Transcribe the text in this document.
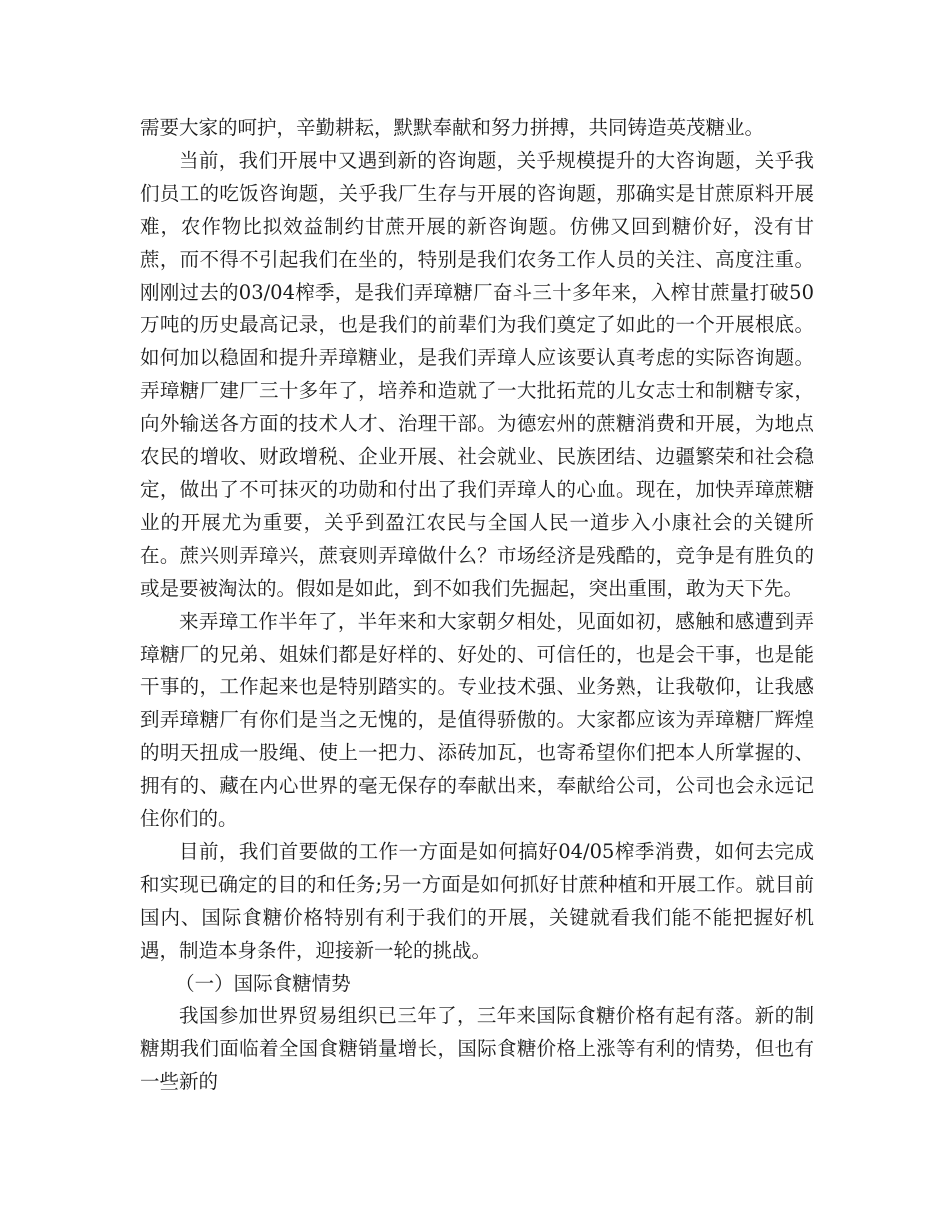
需要大家的呵护，辛勤耕耘，默默奉献和努力拼搏，共同铸造英茂糖业。

当前，我们开展中又遇到新的咨询题，关乎规模提升的大咨询题，关乎我们员工的吃饭咨询题，关乎我厂生存与开展的咨询题，那确实是甘蔗原料开展难，农作物比拟效益制约甘蔗开展的新咨询题。仿佛又回到糖价好，没有甘蔗，而不得不引起我们在坐的，特别是我们农务工作人员的关注、高度注重。刚刚过去的03/04榨季，是我们弄璋糖厂奋斗三十多年来，入榨甘蔗量打破50万吨的历史最高记录，也是我们的前辈们为我们奠定了如此的一个开展根底。如何加以稳固和提升弄璋糖业，是我们弄璋人应该要认真考虑的实际咨询题。弄璋糖厂建厂三十多年了，培养和造就了一大批拓荒的儿女志士和制糖专家，向外输送各方面的技术人才、治理干部。为德宏州的蔗糖消费和开展，为地点农民的增收、财政增税、企业开展、社会就业、民族团结、边疆繁荣和社会稳定，做出了不可抹灭的功勋和付出了我们弄璋人的心血。现在，加快弄璋蔗糖业的开展尤为重要，关乎到盈江农民与全国人民一道步入小康社会的关键所在。蔗兴则弄璋兴，蔗衰则弄璋做什么？市场经济是残酷的，竞争是有胜负的或是要被淘汰的。假如是如此，到不如我们先掘起，突出重围，敢为天下先。

来弄璋工作半年了，半年来和大家朝夕相处，见面如初，感触和感遭到弄璋糖厂的兄弟、姐妹们都是好样的、好处的、可信任的，也是会干事，也是能干事的，工作起来也是特别踏实的。专业技术强、业务熟，让我敬仰，让我感到弄璋糖厂有你们是当之无愧的，是值得骄傲的。大家都应该为弄璋糖厂辉煌的明天扭成一股绳、使上一把力、添砖加瓦，也寄希望你们把本人所掌握的、拥有的、藏在内心世界的毫无保存的奉献出来，奉献给公司，公司也会永远记住你们的。

目前，我们首要做的工作一方面是如何搞好04/05榨季消费，如何去完成和实现已确定的目的和任务;另一方面是如何抓好甘蔗种植和开展工作。就目前国内、国际食糖价格特别有利于我们的开展，关键就看我们能不能把握好机遇，制造本身条件，迎接新一轮的挑战。

（一）国际食糖情势

我国参加世界贸易组织已三年了，三年来国际食糖价格有起有落。新的制糖期我们面临着全国食糖销量增长，国际食糖价格上涨等有利的情势，但也有一些新的
